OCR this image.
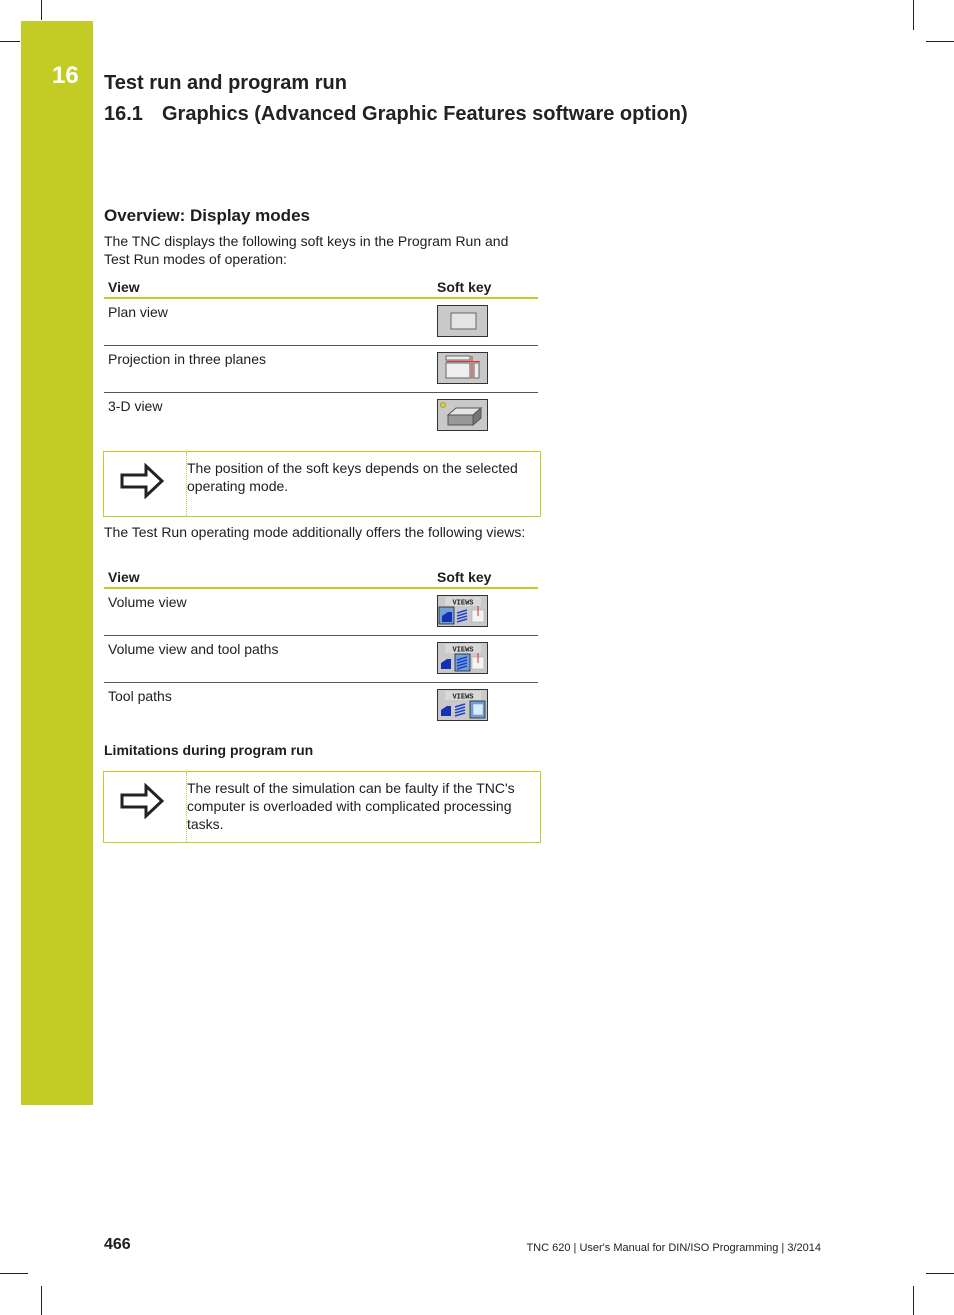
16 Test run and program run
16.1 Graphics (Advanced Graphic Features software option)
Overview: Display modes
The TNC displays the following soft keys in the Program Run and Test Run modes of operation:
View	Soft key
Plan view
Projection in three planes
3-D view
The position of the soft keys depends on the selected operating mode.
The Test Run operating mode additionally offers the following views:
View	Soft key
Volume view	VIEWS
Volume view and tool paths	VIEWS
Tool paths	VIEWS
Limitations during program run
The result of the simulation can be faulty if the TNC's computer is overloaded with complicated processing tasks.
466	TNC 620 | User's Manual for DIN/ISO Programming | 3/2014
